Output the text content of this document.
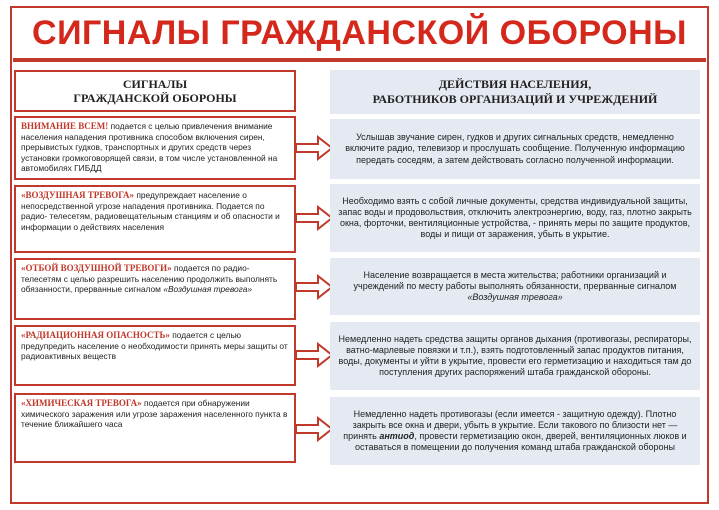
СИГНАЛЫ ГРАЖДАНСКОЙ ОБОРОНЫ
СИГНАЛЫ
ГРАЖДАНСКОЙ ОБОРОНЫ
ДЕЙСТВИЯ НАСЕЛЕНИЯ,
РАБОТНИКОВ ОРГАНИЗАЦИЙ И УЧРЕЖДЕНИЙ
ВНИМАНИЕ ВСЕМ! подается с целью привлечения внимание населения нападения противника способом включения сирен, прерывистых гудков, транспортных и других средств через установки громкоговорящей связи, в том числе установленной на автомобилях ГИБДД
Услышав звучание сирен, гудков и других сигнальных средств, немедленно включите радио, телевизор и прослушать сообщение. Полученную информацию передать соседям, а затем действовать согласно полученной информации.
«ВОЗДУШНАЯ ТРЕВОГА» предупреждает население о непосредственной угрозе нападения противника. Подается по радио- телесетям, радиовещательным станциям и об опасности и информации о действиях населения
Необходимо взять с собой личные документы, средства индивидуальной защиты, запас воды и продовольствия, отключить электроэнергию, воду, газ, плотно закрыть окна, форточки, вентиляционные устройства, - принять меры по защите продуктов, воды и пищи от заражения, убыть в укрытие.
«ОТБОЙ ВОЗДУШНОЙ ТРЕВОГИ» подается по радио- телесетям с целью разрешить населению продолжить выполнять обязанности, прерванные сигналом «Воздушная тревога»
Население возвращается в места жительства; работники организаций и учреждений по месту работы выполнять обязанности, прерванные сигналом «Воздушная тревога»
«РАДИАЦИОННАЯ ОПАСНОСТЬ» подается с целью предупредить население о необходимости принять меры защиты от радиоактивных веществ
Немедленно надеть средства защиты органов дыхания (противогазы, респираторы, ватно-марлевые повязки и т.п.), взять подготовленный запас продуктов питания, воды, документы и уйти в укрытие, провести его герметизацию и находиться там до поступления других распоряжений штаба гражданской обороны.
«ХИМИЧЕСКАЯ ТРЕВОГА» подается при обнаружении химического заражения или угрозе заражения населенного пункта в течение ближайшего часа
Немедленно надеть противогазы (если имеется - защитную одежду). Плотно закрыть все окна и двери, убыть в укрытие. Если такового по близости нет — принять антиод, провести герметизацию окон, дверей, вентиляционных люков и оставаться в помещении до получения команд штаба гражданской обороны
